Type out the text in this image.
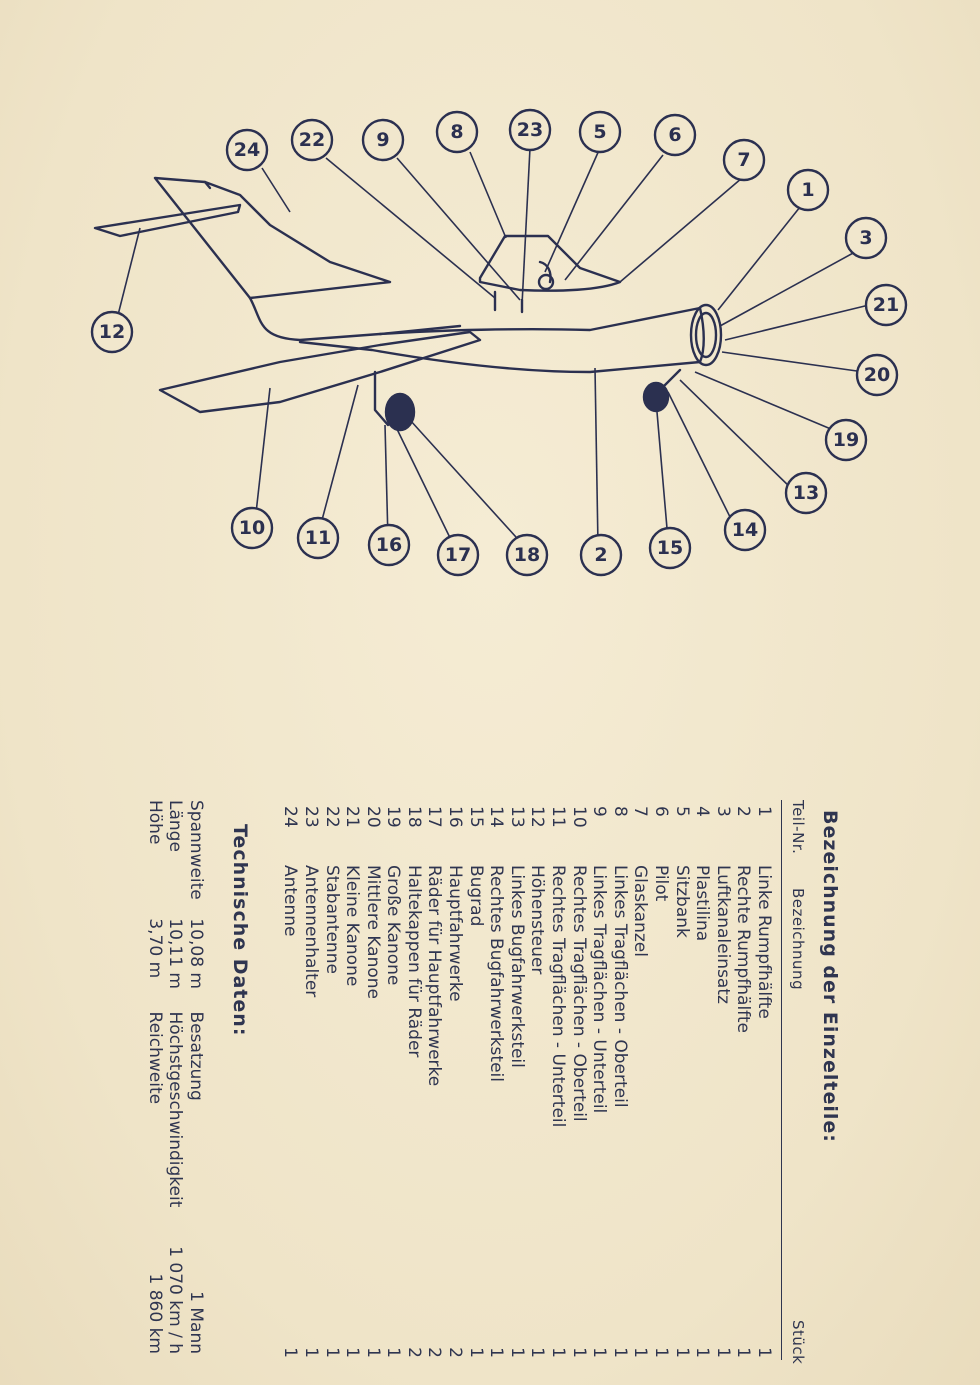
24 22	9	8	23	5	6
7
1
3
21
20
19
13
14
15
2
18
17
16
11
10
12
Bezeichnung der Einzelteile:
Teil-Nr.
Bezeichnung
Stück
1	Linke Rumpfhälfte	1
2	Rechte Rumpfhälfte	1
3	Luftkanaleinsatz	1
4	Plastilina	1
5	Sitzbank	1
6	Pilot	1
7	Glaskanzel	1
8	Linkes Tragflächen - Oberteil	1
9	Linkes Tragflächen - Unterteil	1
10	Rechtes Tragflächen - Oberteil	1
11	Rechtes Tragflächen - Unterteil	1
12	Höhensteuer	1
13	Linkes Bugfahrwerksteil	1
14	Rechtes Bugfahrwerksteil	1
15	Bugrad	1
16	Hauptfahrwerke	2
17	Räder für Hauptfahrwerke	2
18	Haltekappen für Räder	2
19	Große Kanone	1
20	Mittlere Kanone	1
21	Kleine Kanone	1
22	Stabantenne	1
23	Antennenhalter	1
24	Antenne	1
Technische Daten:
Spannweite	10,08 m	Besatzung	1 Mann
Länge	10,11 m	Höchstgeschwindigkeit	1 070 km / h
Höhe	3,70 m	Reichweite	1 860 km
